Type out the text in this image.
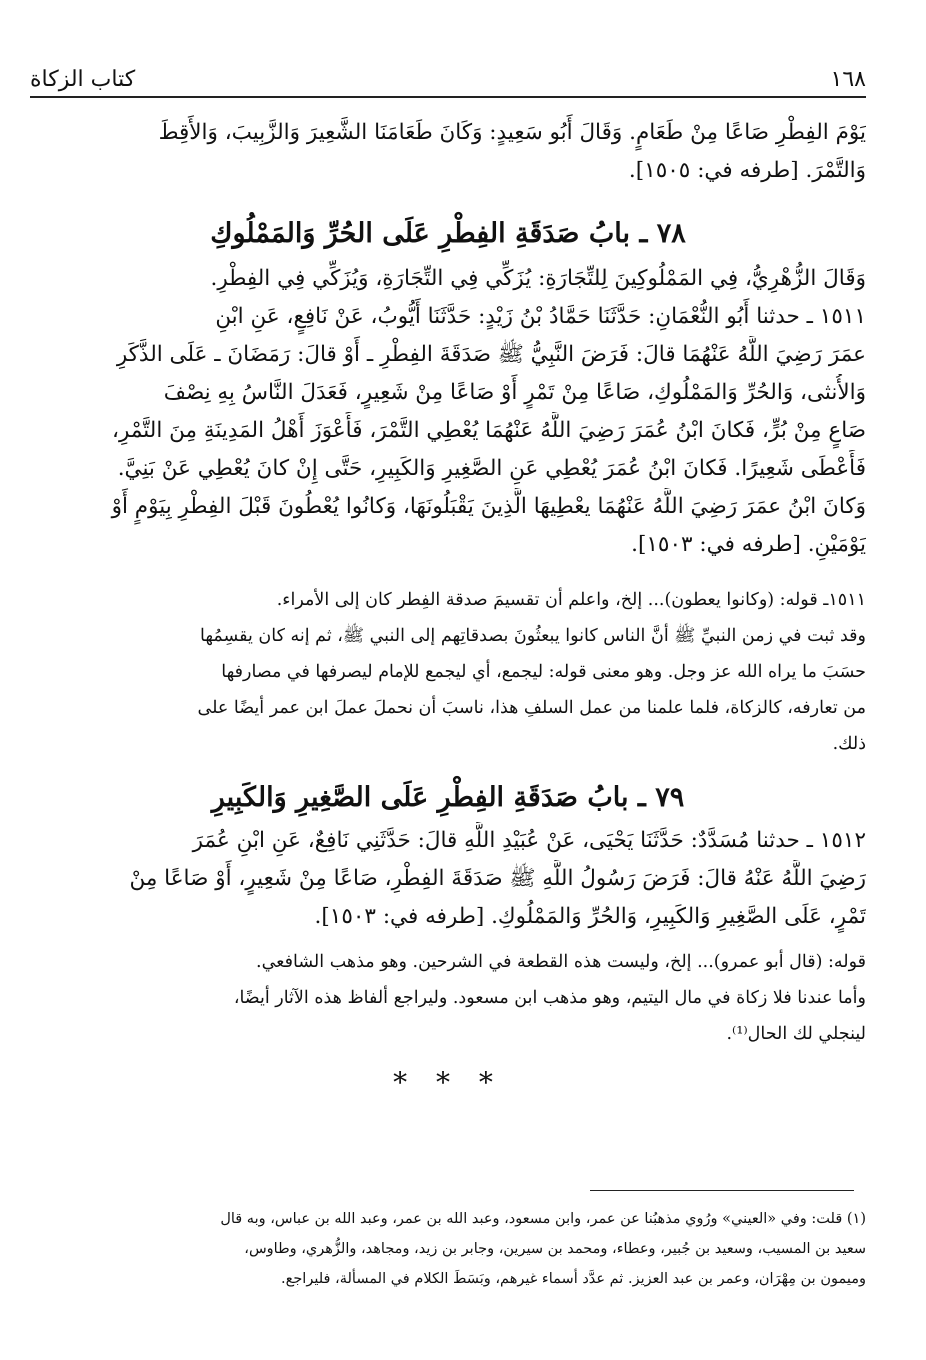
١٦٨
كتاب الزكاة
يَوْمَ الفِطْرِ صَاعًا مِنْ طَعَامٍ. وَقَالَ أَبُو سَعِيدٍ: وَكَانَ طَعَامَنَا الشَّعِيرَ وَالزَّبِيبَ، وَالأَقِطَ
وَالتَّمْرَ. [طرفه في: ١٥٠٥].
٧٨ ـ بابُ صَدَقَةِ الفِطْرِ عَلَى الحُرِّ وَالمَمْلُوكِ
وَقَالَ الزُّهْرِيُّ، فِي المَمْلُوكِينَ لِلتِّجَارَةِ: يُزَكِّي فِي التِّجَارَةِ، وَيُزَكِّي فِي الفِطْرِ.
١٥١١ ـ حدثنا أَبُو النُّعْمَانِ: حَدَّثَنَا حَمَّادُ بْنُ زَيْدٍ: حَدَّثَنَا أَيُّوبُ، عَنْ نَافِعٍ، عَنِ ابْنِ
عمَرَ رَضِيَ اللَّهُ عَنْهُمَا قالَ: فَرَضَ النَّبِيُّ ﷺ صَدَقَةَ الفِطْرِ ـ أَوْ قالَ: رَمَضَانَ ـ عَلَى الذَّكَرِ
وَالأُنثى، وَالحُرِّ وَالمَمْلُوكِ، صَاعًا مِنْ تَمْرٍ أَوْ صَاعًا مِنْ شَعِيرٍ، فَعَدَلَ النَّاسُ بِهِ نِصْفَ
صَاعٍ مِنْ بُرٍّ، فَكانَ ابْنُ عُمَرَ رَضِيَ اللَّهُ عَنْهُمَا يُعْطِي التَّمْرَ، فَأَعْوَزَ أَهْلُ المَدِينَةِ مِنَ التَّمْرِ،
فَأَعْطَى شَعِيرًا. فَكانَ ابْنُ عُمَرَ يُعْطِي عَنِ الصَّغِيرِ وَالكَبِيرِ، حَتَّى إِنْ كانَ يُعْطِي عَنْ بَنِيَّ.
وَكانَ ابْنُ عمَرَ رَضِيَ اللَّهُ عَنْهُمَا يعْطِيهَا الَّذِينَ يَقْبَلُونَهَا، وَكانُوا يُعْطُونَ قَبْلَ الفِطْرِ بِيَوْمٍ أَوْ
يَوْمَيْنِ. [طرفه في: ١٥٠٣].
١٥١١ـ قوله: (وكانوا يعطون)... إلخ، واعلم أن تقسيمَ صدقة الفِطر كان إلى الأمراء.
وقد ثبت في زمن النبيِّ ﷺ أنَّ الناس كانوا يبعثُونَ بصدقاتِهم إلى النبي ﷺ، ثم إنه كان يقسِمُها
حسَبَ ما يراه الله عز وجل. وهو معنى قوله: ليجمع، أي ليجمع للإمام ليصرفها في مصارفها
من تعارفه، كالزكاة، فلما علمنا من عمل السلفِ هذا، ناسبَ أن نحملَ عملَ ابن عمر أيضًا على
ذلك.
٧٩ ـ بابُ صَدَقَةِ الفِطْرِ عَلَى الصَّغِيرِ وَالكَبِيرِ
١٥١٢ ـ حدثنا مُسَدَّدٌ: حَدَّثَنَا يَحْيَى، عَنْ عُبَيْدِ اللَّهِ قالَ: حَدَّثَنِي نَافِعٌ، عَنِ ابْنِ عُمَرَ
رَضِيَ اللَّهُ عَنْهُ قالَ: فَرَضَ رَسُولُ اللَّهِ ﷺ صَدَقَةَ الفِطْرِ، صَاعًا مِنْ شَعِيرٍ، أَوْ صَاعًا مِنْ
تَمْرٍ، عَلَى الصَّغِيرِ وَالكَبِيرِ، وَالحُرِّ وَالمَمْلُوكِ. [طرفه في: ١٥٠٣].
قوله: (قال أبو عمرو)... إلخ، وليست هذه القطعة في الشرحين. وهو مذهب الشافعي.
وأما عندنا فلا زكاة في مال اليتيم، وهو مذهب ابن مسعود. وليراجع ألفاظ هذه الآثار أيضًا،
لينجلي لك الحال⁽¹⁾.
* * *
(١) قلت: وفي «العيني» ورُوي مذهبُنا عن عمر، وابن مسعود، وعبد الله بن عمر، وعبد الله بن عباس، وبه قال
سعيد بن المسيب، وسعيد بن جُبير، وعطاء، ومحمد بن سيرين، وجابر بن زيد، ومجاهد، والزُّهري، وطاوس،
وميمون بن مِهْرَان، وعمر بن عبد العزيز. ثم عدَّد أسماء غيرهم، وبَسَطَ الكلام في المسألة، فليراجع.
